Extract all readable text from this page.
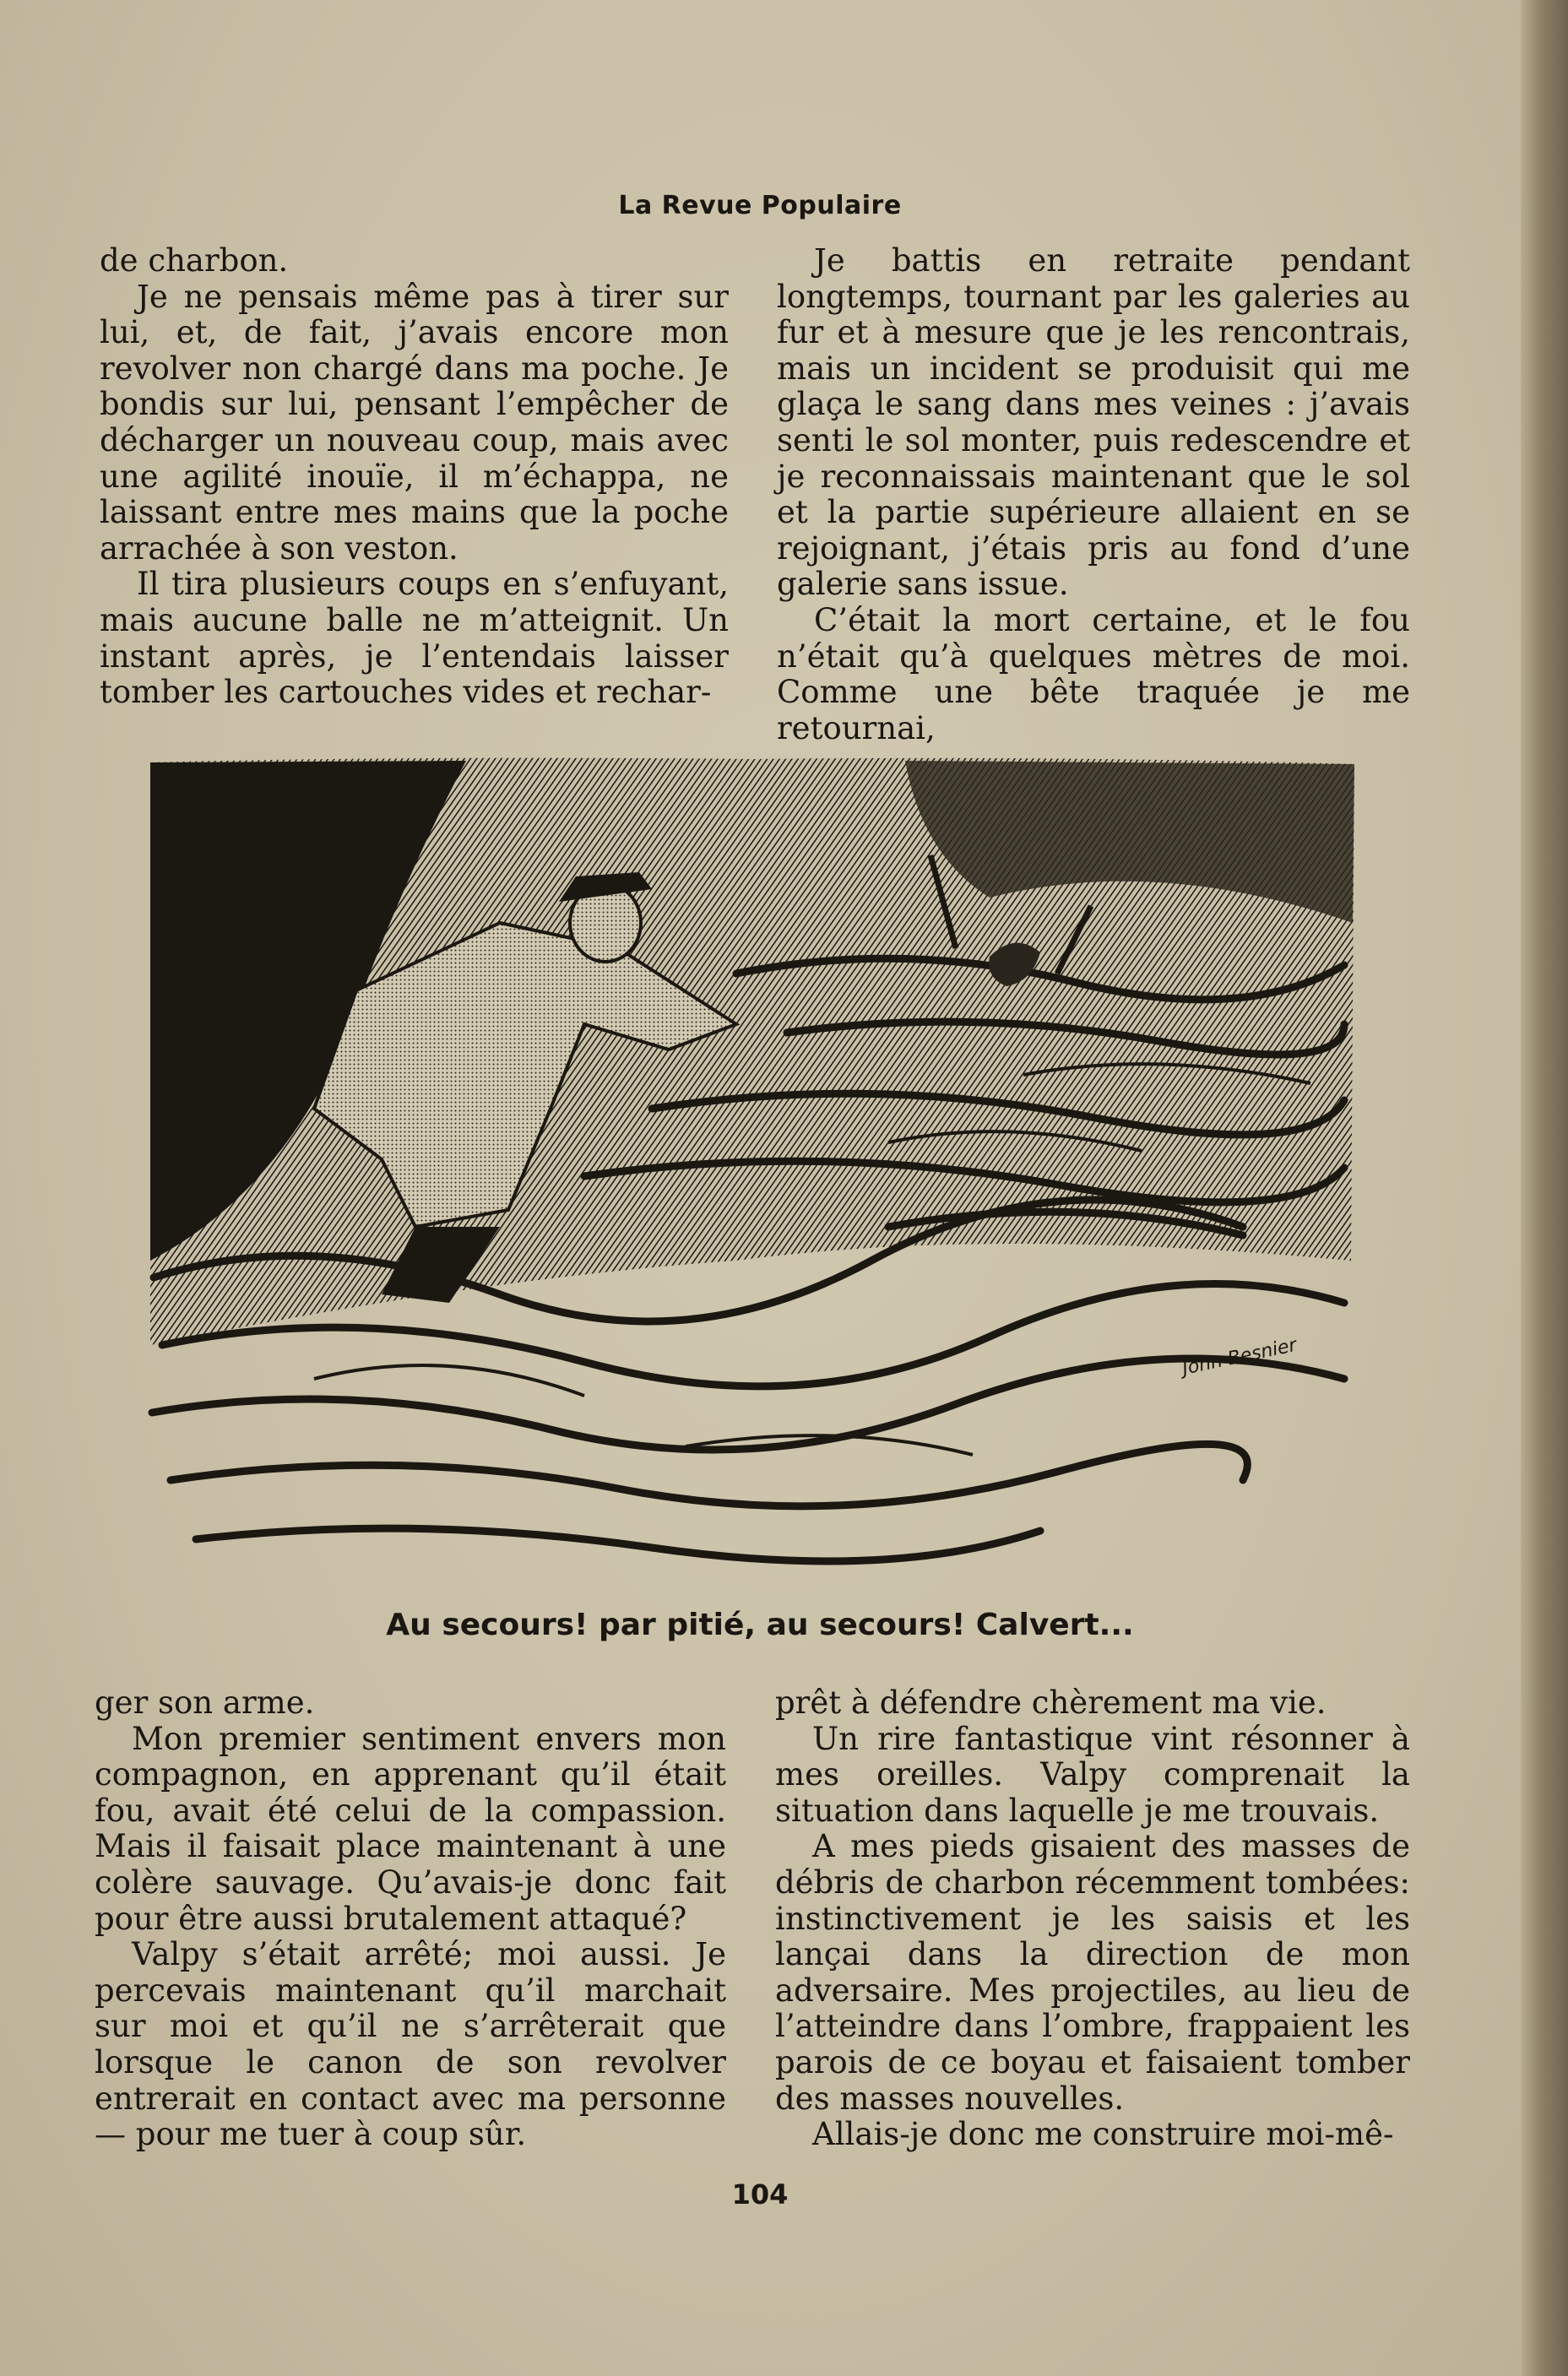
La Revue Populaire

de charbon.

Je ne pensais même pas à tirer sur lui, et, de fait, j’avais encore mon revolver non chargé dans ma poche. Je bondis sur lui, pensant l’empêcher de décharger un nouveau coup, mais avec une agilité inouïe, il m’échappa, ne laissant entre mes mains que la poche arrachée à son veston.

Il tira plusieurs coups en s’enfuyant, mais aucune balle ne m’atteignit. Un instant après, je l’entendais laisser tomber les cartouches vides et rechar-

Je battis en retraite pendant longtemps, tournant par les galeries au fur et à mesure que je les rencontrais, mais un incident se produisit qui me glaça le sang dans mes veines : j’avais senti le sol monter, puis redescendre et je reconnaissais maintenant que le sol et la partie supérieure allaient en se rejoignant, j’étais pris au fond d’une galerie sans issue.

C’était la mort certaine, et le fou n’était qu’à quelques mètres de moi. Comme une bête traquée je me retournai,

John Besnier
Au secours! par pitié, au secours! Calvert...

ger son arme.

Mon premier sentiment envers mon compagnon, en apprenant qu’il était fou, avait été celui de la compassion. Mais il faisait place maintenant à une colère sauvage. Qu’avais-je donc fait pour être aussi brutalement attaqué?

Valpy s’était arrêté; moi aussi. Je percevais maintenant qu’il marchait sur moi et qu’il ne s’arrêterait que lorsque le canon de son revolver entrerait en contact avec ma personne— pour me tuer à coup sûr.

prêt à défendre chèrement ma vie.

Un rire fantastique vint résonner à mes oreilles. Valpy comprenait la situation dans laquelle je me trouvais.

A mes pieds gisaient des masses de débris de charbon récemment tombées: instinctivement je les saisis et les lançai dans la direction de mon adversaire. Mes projectiles, au lieu de l’atteindre dans l’ombre, frappaient les parois de ce boyau et faisaient tomber des masses nouvelles.

Allais-je donc me construire moi-mê-

104
